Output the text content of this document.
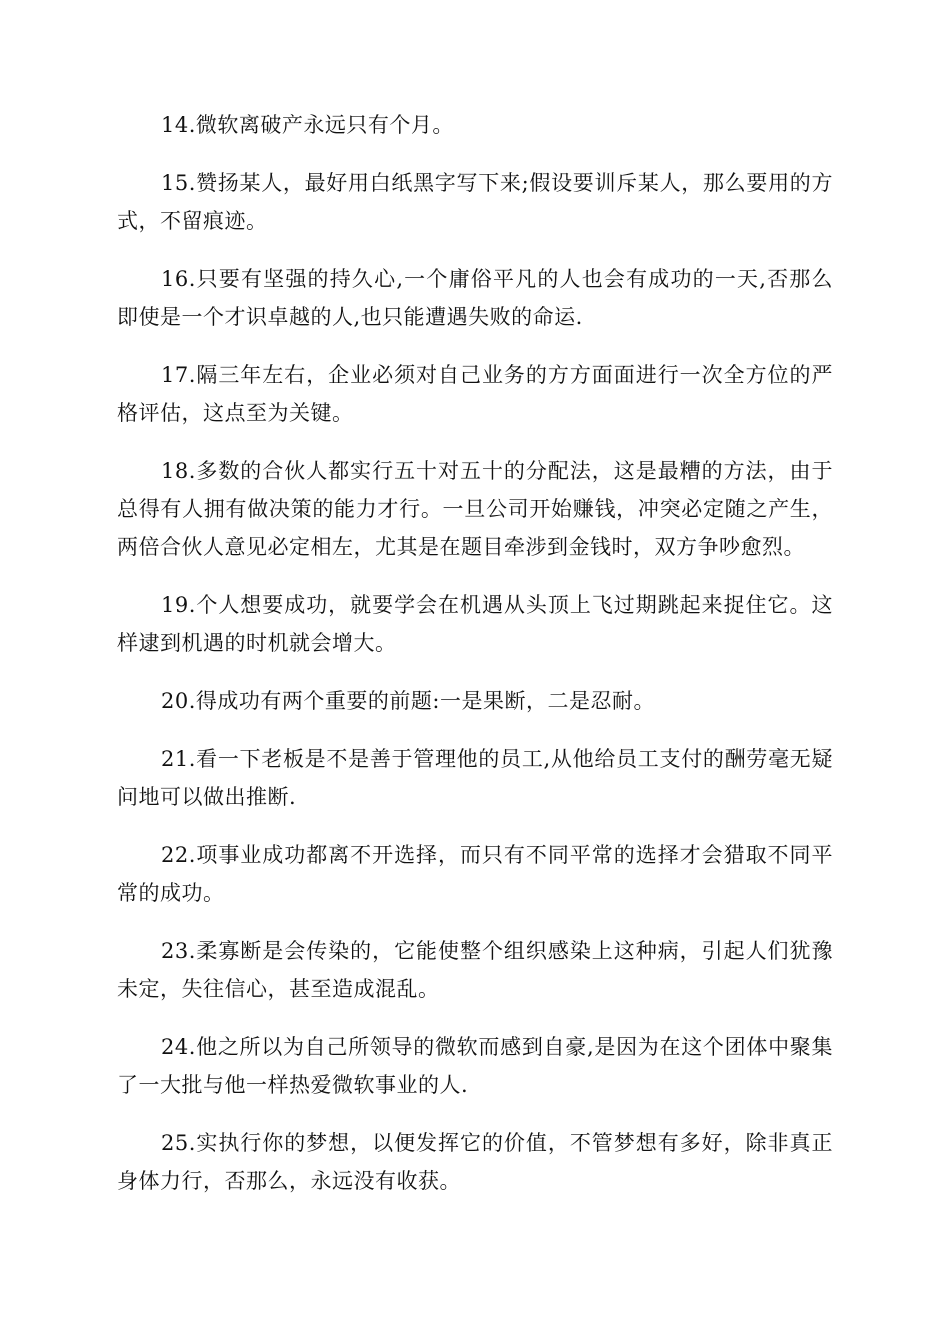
14.微软离破产永远只有个月。

15.赞扬某人，最好用白纸黑字写下来;假设要训斥某人，那么要用的方式，不留痕迹。

16.只要有坚强的持久心,一个庸俗平凡的人也会有成功的一天,否那么即使是一个才识卓越的人,也只能遭遇失败的命运.

17.隔三年左右，企业必须对自己业务的方方面面进行一次全方位的严格评估，这点至为关键。

18.多数的合伙人都实行五十对五十的分配法，这是最糟的方法，由于总得有人拥有做决策的能力才行。一旦公司开始赚钱，冲突必定随之产生，两倍合伙人意见必定相左，尤其是在题目牵涉到金钱时，双方争吵愈烈。

19.个人想要成功，就要学会在机遇从头顶上飞过期跳起来捉住它。这样逮到机遇的时机就会增大。

20.得成功有两个重要的前题:一是果断，二是忍耐。

21.看一下老板是不是善于管理他的员工,从他给员工支付的酬劳毫无疑问地可以做出推断.

22.项事业成功都离不开选择，而只有不同平常的选择才会猎取不同平常的成功。

23.柔寡断是会传染的，它能使整个组织感染上这种病，引起人们犹豫未定，失往信心，甚至造成混乱。

24.他之所以为自己所领导的微软而感到自豪,是因为在这个团体中聚集了一大批与他一样热爱微软事业的人.

25.实执行你的梦想，以便发挥它的价值，不管梦想有多好，除非真正身体力行，否那么，永远没有收获。
